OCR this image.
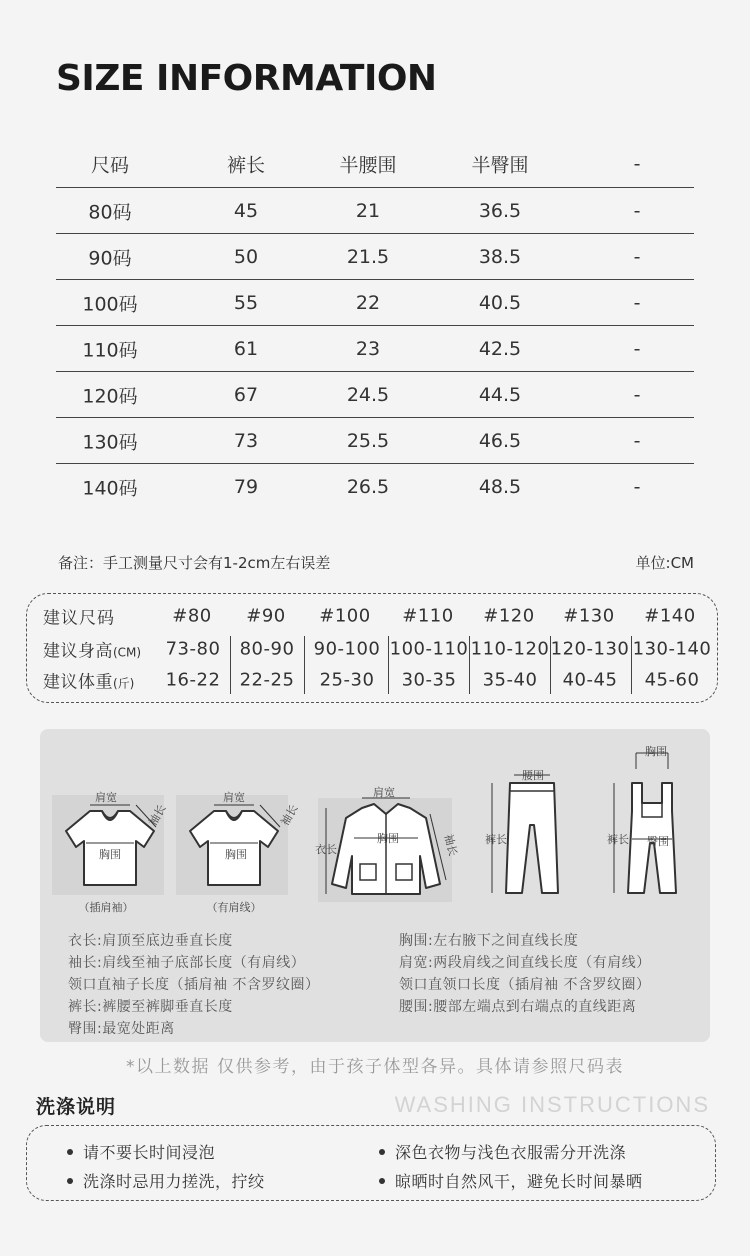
SIZE INFORMATION
尺码	裤长	半腰围	半臀围	-
80码	45	21	36.5	-
90码	50	21.5	38.5	-
100码	55	22	40.5	-
110码	61	23	42.5	-
120码	67	24.5	44.5	-
130码	73	25.5	46.5	-
140码	79	26.5	48.5	-
备注：手工测量尺寸会有1-2cm左右误差	单位:CM
建议尺码	#80 #90 #100 #110 #120 #130 #140
建议身高(CM) 73-80 80-90 90-100 100-110 110-120 120-130 130-140
建议体重(斤) 16-22 22-25 25-30 30-35 35-40 40-45 45-60
肩宽
袖长
胸围
（插肩袖）
肩宽
袖长
胸围
（有肩线）
肩宽
胸围
衣长	袖长
腰围
裤长
胸围
裤长 臀围
衣长:肩顶至底边垂直长度
袖长:肩线至袖子底部长度（有肩线）
领口直袖子长度（插肩袖 不含罗纹圈）
裤长:裤腰至裤脚垂直长度
臀围:最宽处距离
胸围:左右腋下之间直线长度
肩宽:两段肩线之间直线长度（有肩线）
领口直领口长度（插肩袖 不含罗纹圈）
腰围:腰部左端点到右端点的直线距离
*以上数据 仅供参考，由于孩子体型各异。具体请参照尺码表
洗涤说明	WASHING INSTRUCTIONS
请不要长时间浸泡	深色衣物与浅色衣服需分开洗涤
洗涤时忌用力搓洗，拧绞	晾晒时自然风干，避免长时间暴晒
